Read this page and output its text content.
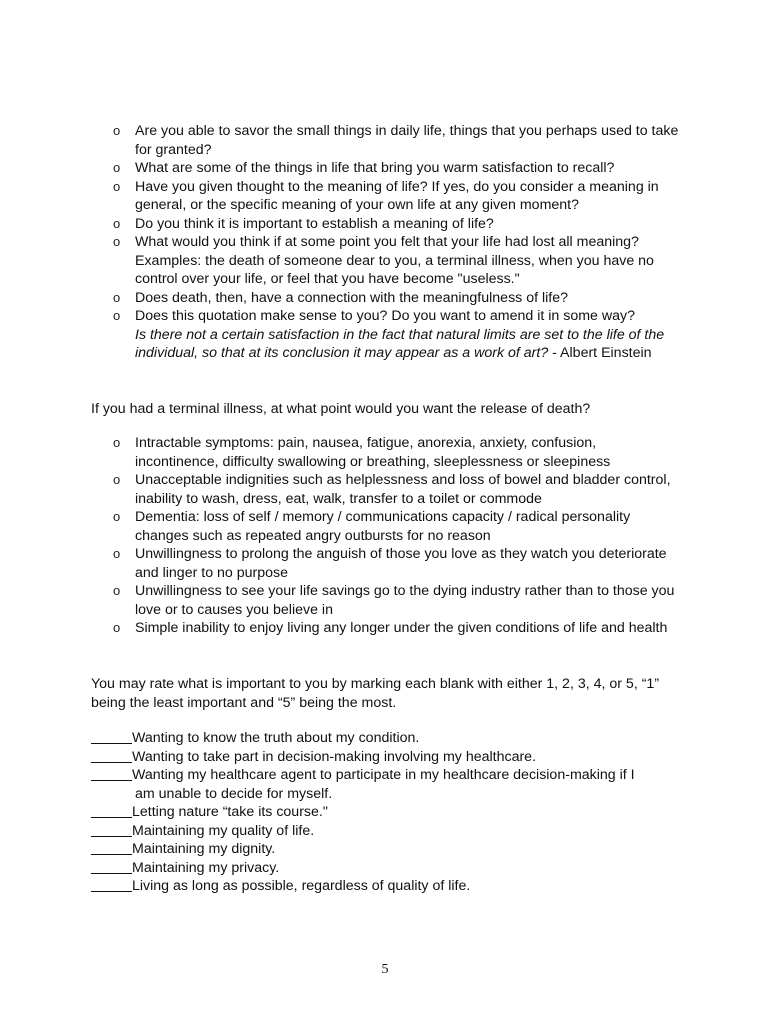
o Are you able to savor the small things in daily life, things that you perhaps used to take for granted?
o What are some of the things in life that bring you warm satisfaction to recall?
o Have you given thought to the meaning of life? If yes, do you consider a meaning in general, or the specific meaning of your own life at any given moment?
o Do you think it is important to establish a meaning of life?
o What would you think if at some point you felt that your life had lost all meaning? Examples: the death of someone dear to you, a terminal illness, when you have no control over your life, or feel that you have become "useless."
o Does death, then, have a connection with the meaningfulness of life?
o Does this quotation make sense to you? Do you want to amend it in some way?
Is there not a certain satisfaction in the fact that natural limits are set to the life of the individual, so that at its conclusion it may appear as a work of art? - Albert Einstein

If you had a terminal illness, at what point would you want the release of death?

o Intractable symptoms: pain, nausea, fatigue, anorexia, anxiety, confusion, incontinence, difficulty swallowing or breathing, sleeplessness or sleepiness
o Unacceptable indignities such as helplessness and loss of bowel and bladder control, inability to wash, dress, eat, walk, transfer to a toilet or commode
o Dementia: loss of self / memory / communications capacity / radical personality changes such as repeated angry outbursts for no reason
o Unwillingness to prolong the anguish of those you love as they watch you deteriorate and linger to no purpose
o Unwillingness to see your life savings go to the dying industry rather than to those you love or to causes you believe in
o Simple inability to enjoy living any longer under the given conditions of life and health

You may rate what is important to you by marking each blank with either 1, 2, 3, 4, or 5, “1” being the least important and “5” being the most.

Wanting to know the truth about my condition.
Wanting to take part in decision-making involving my healthcare.
Wanting my healthcare agent to participate in my healthcare decision-making if I
am unable to decide for myself.
Letting nature “take its course."
Maintaining my quality of life.
Maintaining my dignity.
Maintaining my privacy.
Living as long as possible, regardless of quality of life.
5
